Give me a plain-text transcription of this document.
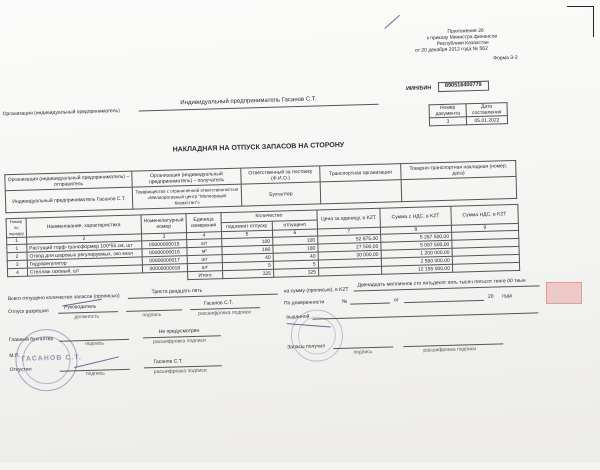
Приложение 26
к приказу Министра финансов
Республики Казахстан
от 20 декабря 2012 года № 562
Форма З-2
Организация (индивидуальный предприниматель)
Индивидуальный предприниматель Гасанов С.Т.
ИИН/БИН	890516400779
Номер документа	Дата составления
3	05.01.2022
НАКЛАДНАЯ НА ОТПУСК ЗАПАСОВ НА СТОРОНУ
Организация (индивидуальный предприниматель) – отправитель	Организация (индивидуальный предприниматель) – получатель	Ответственный за поставку (Ф.И.О.)	Транспортная организация	Товарно-транспортная накладная (номер, дата)
Индивидуальный предприниматель Гасанов С.Т.	Товарищество с ограниченной ответственностью «Мелиоративный центр "Мелиорация Казахстан"»	Бухгалтер		
Номер по порядку	Наименование, характеристика	Номенклатурный номер	Единица измерения	Количество		Цена за единицу, в KZT	Сумма с НДС, в KZT	Сумма НДС, в KZT
				подлежит отпуску	отпущено			
1	2	3	4	5	6	7	8	9
1	Растущий торф-трансформер 100*55 см, шт	00000000015	шт	100	100	52 875,00	5 287 500,00	
2	Отвод для шаровых регулируемых, эко кнал	00000000016	м²	180	180	27 500,00	5 087 500,00	
3	Гидрорегулятор	00000000017	шт	40	40	30 000,00	1 200 000,00	
4	Стеллаж газовый, шт	00000000018	шт	5	5		2 580 000,00	
			Итого	325	325		12 155 000,00	
Всего отпущено количество запасов (прописью)
Триста двадцать пять	на сумму (прописью), в KZT
Двенадцать миллионов сто пятьдесят пять тысяч пятьсот тенге 00 тиын
Отпуск разрешил
Руководитель
Гасанов С.Т.
должность	подпись	расшифровка подписи
По доверенности	№	от
20 года
выданной
Главный бухгалтер
Не предусмотрен
подпись	расшифровка подписи
М.П.
Отпустил
Гасанов С.Т.
подпись	расшифровка подписи
Запасы получил
подпись	расшифровка подписи
ГАСАНОВ С.Т.
